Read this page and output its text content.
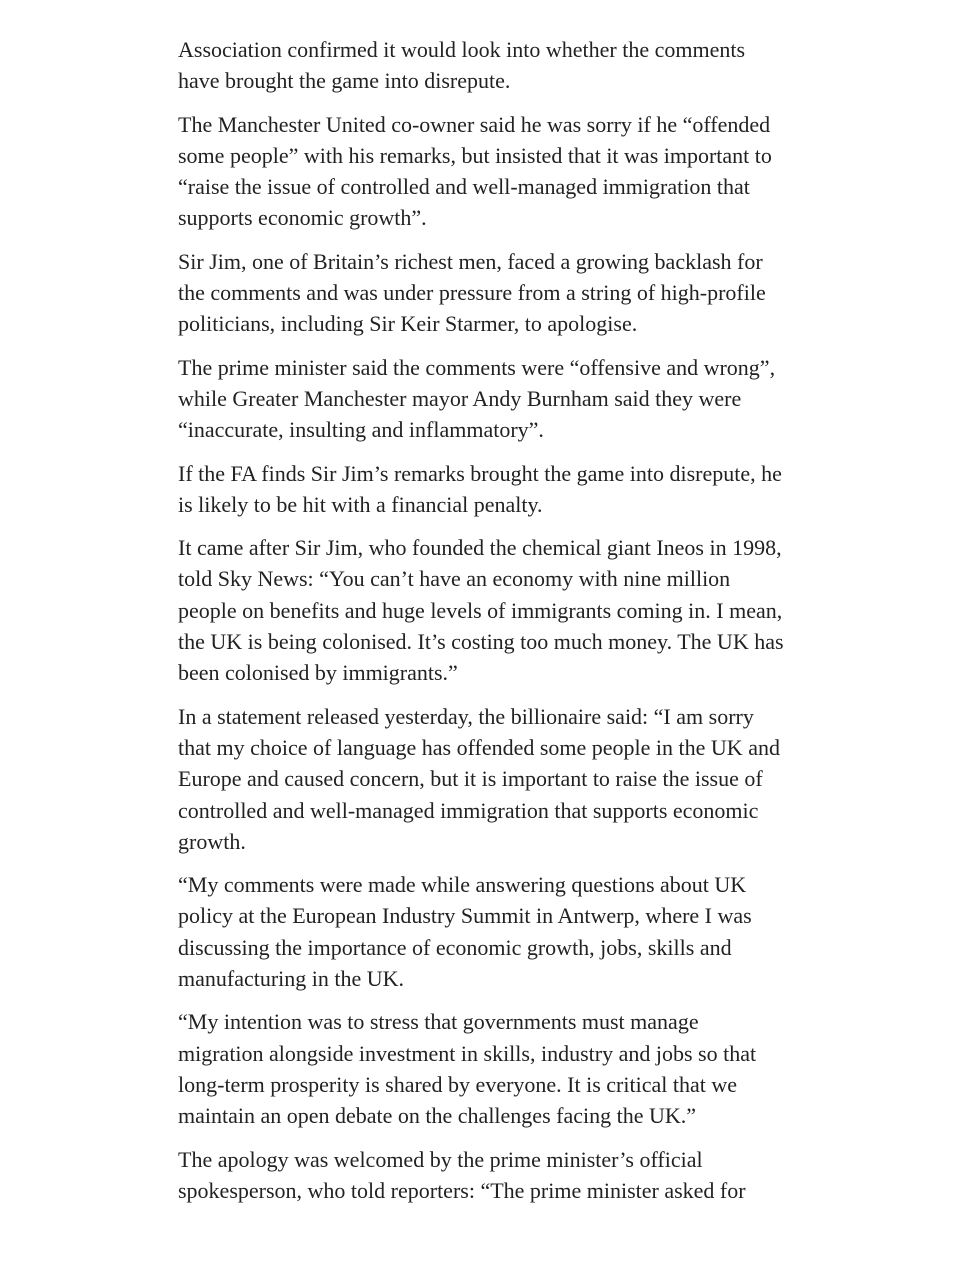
Association confirmed it would look into whether the comments have brought the game into disrepute.

The Manchester United co-owner said he was sorry if he “offended some people” with his remarks, but insisted that it was important to “raise the issue of controlled and well-managed immigration that supports economic growth”.

Sir Jim, one of Britain’s richest men, faced a growing backlash for the comments and was under pressure from a string of high-profile politicians, including Sir Keir Starmer, to apologise.

The prime minister said the comments were “offensive and wrong”, while Greater Manchester mayor Andy Burnham said they were “inaccurate, insulting and inflammatory”.

If the FA finds Sir Jim’s remarks brought the game into disrepute, he is likely to be hit with a financial penalty.

It came after Sir Jim, who founded the chemical giant Ineos in 1998, told Sky News: “You can’t have an economy with nine million people on benefits and huge levels of immigrants coming in. I mean, the UK is being colonised. It’s costing too much money. The UK has been colonised by immigrants.”

In a statement released yesterday, the billionaire said: “I am sorry that my choice of language has offended some people in the UK and Europe and caused concern, but it is important to raise the issue of controlled and well-managed immigration that supports economic growth.

“My comments were made while answering questions about UK policy at the European Industry Summit in Antwerp, where I was discussing the importance of economic growth, jobs, skills and manufacturing in the UK.

“My intention was to stress that governments must manage migration alongside investment in skills, industry and jobs so that long-term prosperity is shared by everyone. It is critical that we maintain an open debate on the challenges facing the UK.”

The apology was welcomed by the prime minister’s official spokesperson, who told reporters: “The prime minister asked for
